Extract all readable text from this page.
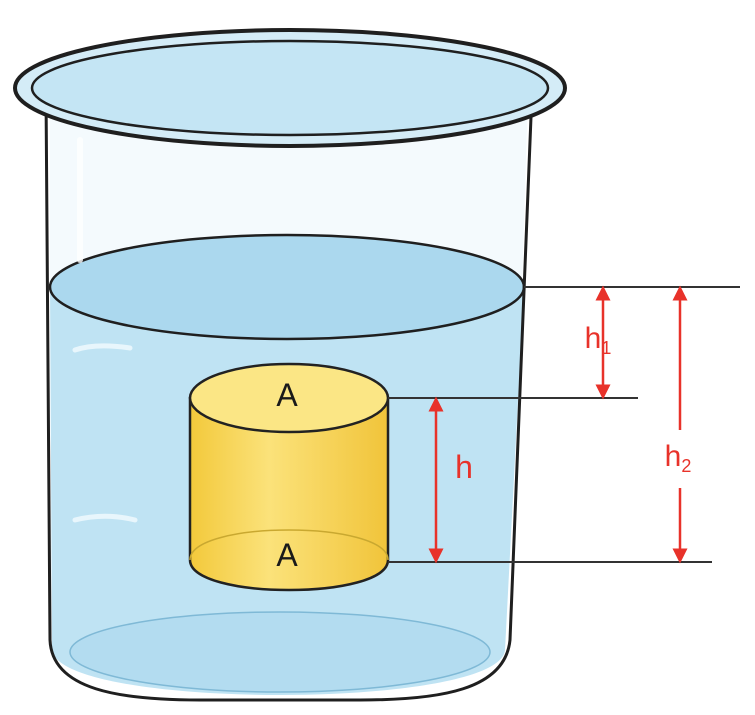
A
A
h
$h_1$
$h_2$
